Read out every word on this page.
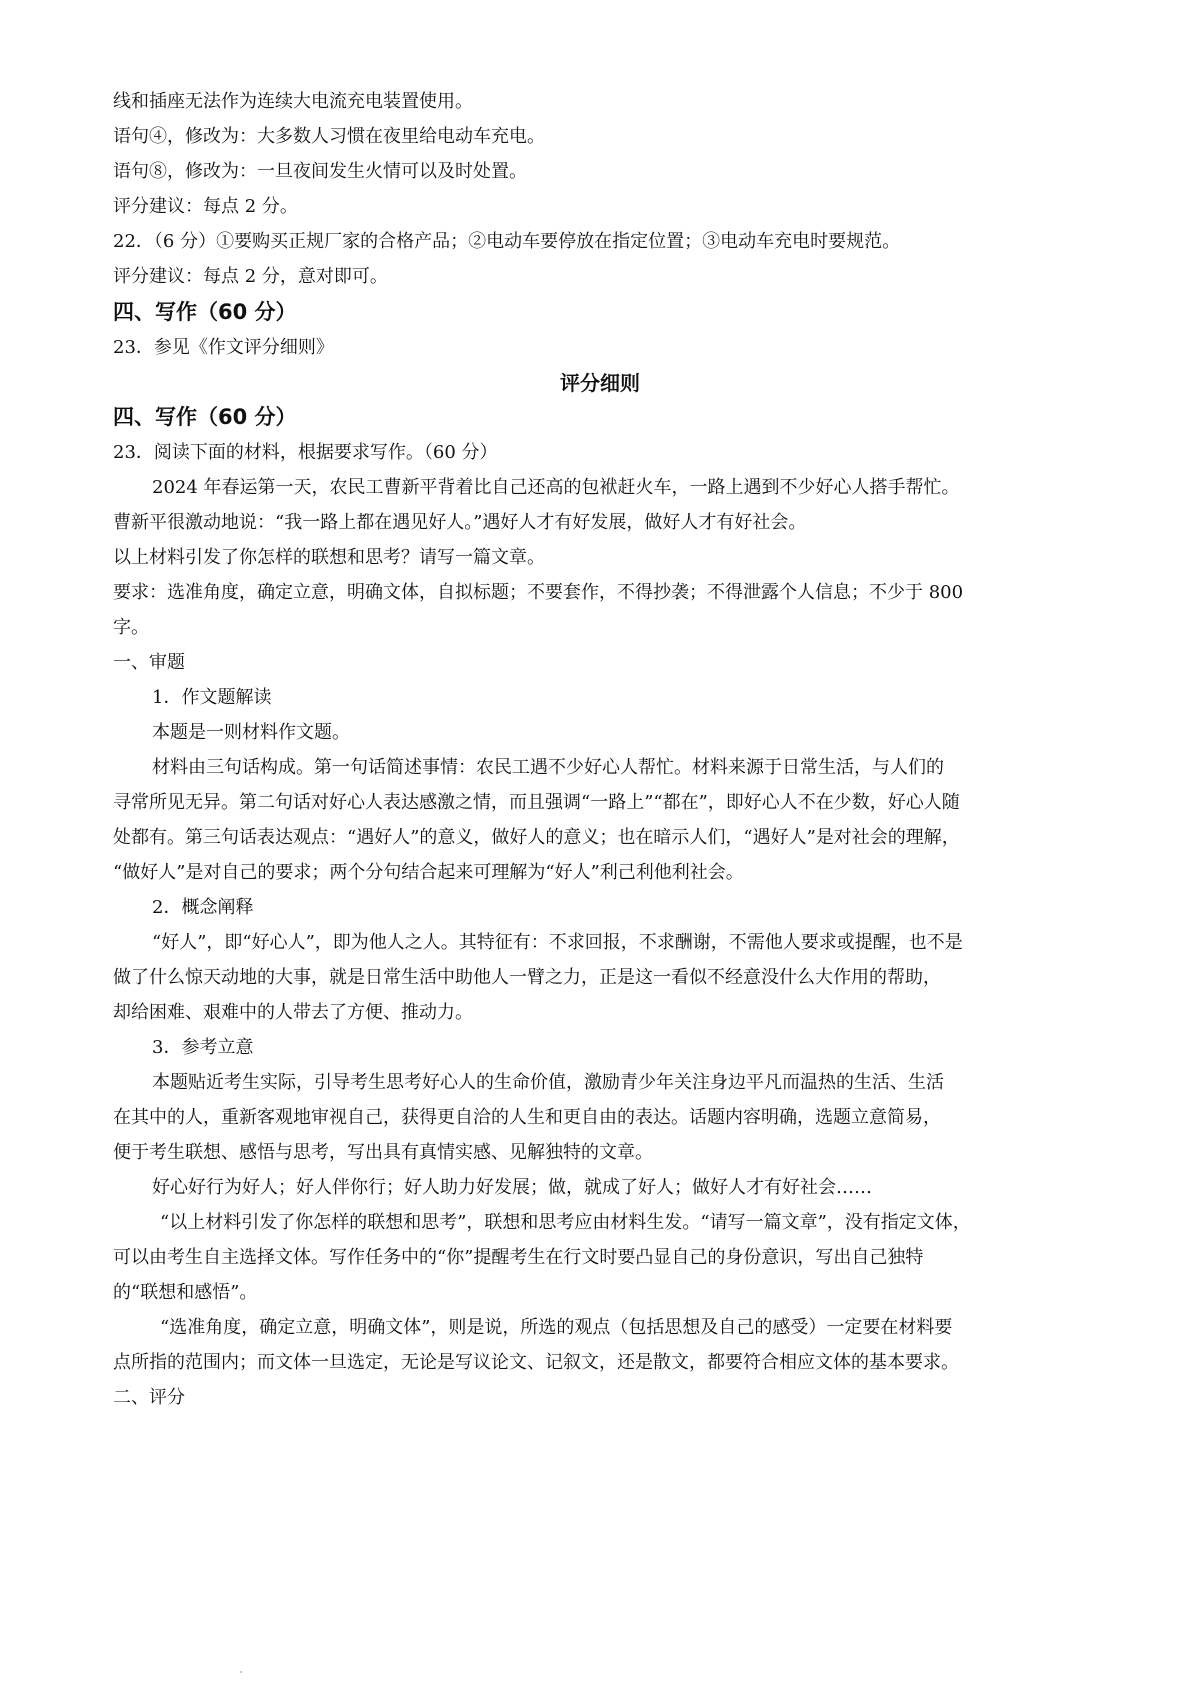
线和插座无法作为连续大电流充电装置使用。
语句④，修改为：大多数人习惯在夜里给电动车充电。
语句⑧，修改为：一旦夜间发生火情可以及时处置。
评分建议：每点 2 分。
22．（6 分）①要购买正规厂家的合格产品；②电动车要停放在指定位置；③电动车充电时要规范。
评分建议：每点 2 分，意对即可。
四、写作（60 分）
23．参见《作文评分细则》
评分细则
四、写作（60 分）
23．阅读下面的材料，根据要求写作。（60 分）
2024 年春运第一天，农民工曹新平背着比自己还高的包袱赶火车，一路上遇到不少好心人搭手帮忙。
曹新平很激动地说：“我一路上都在遇见好人。”遇好人才有好发展，做好人才有好社会。
以上材料引发了你怎样的联想和思考？请写一篇文章。
要求：选准角度，确定立意，明确文体，自拟标题；不要套作，不得抄袭；不得泄露个人信息；不少于 800
字。
一、审题
1．作文题解读
本题是一则材料作文题。
材料由三句话构成。第一句话简述事情：农民工遇不少好心人帮忙。材料来源于日常生活，与人们的
寻常所见无异。第二句话对好心人表达感激之情，而且强调“一路上”“都在”，即好心人不在少数，好心人随
处都有。第三句话表达观点：“遇好人”的意义，做好人的意义；也在暗示人们，“遇好人”是对社会的理解，
“做好人”是对自己的要求；两个分句结合起来可理解为“好人”利己利他利社会。
2．概念阐释
“好人”，即“好心人”，即为他人之人。其特征有：不求回报，不求酬谢，不需他人要求或提醒，也不是
做了什么惊天动地的大事，就是日常生活中助他人一臂之力，正是这一看似不经意没什么大作用的帮助，
却给困难、艰难中的人带去了方便、推动力。
3．参考立意
本题贴近考生实际，引导考生思考好心人的生命价值，激励青少年关注身边平凡而温热的生活、生活
在其中的人，重新客观地审视自己，获得更自洽的人生和更自由的表达。话题内容明确，选题立意简易，
便于考生联想、感悟与思考，写出具有真情实感、见解独特的文章。
好心好行为好人；好人伴你行；好人助力好发展；做，就成了好人；做好人才有好社会……
“以上材料引发了你怎样的联想和思考”，联想和思考应由材料生发。“请写一篇文章”，没有指定文体，
可以由考生自主选择文体。写作任务中的“你”提醒考生在行文时要凸显自己的身份意识，写出自己独特
的“联想和感悟”。
“选准角度，确定立意，明确文体”，则是说，所选的观点（包括思想及自己的感受）一定要在材料要
点所指的范围内；而文体一旦选定，无论是写议论文、记叙文，还是散文，都要符合相应文体的基本要求。
二、评分
